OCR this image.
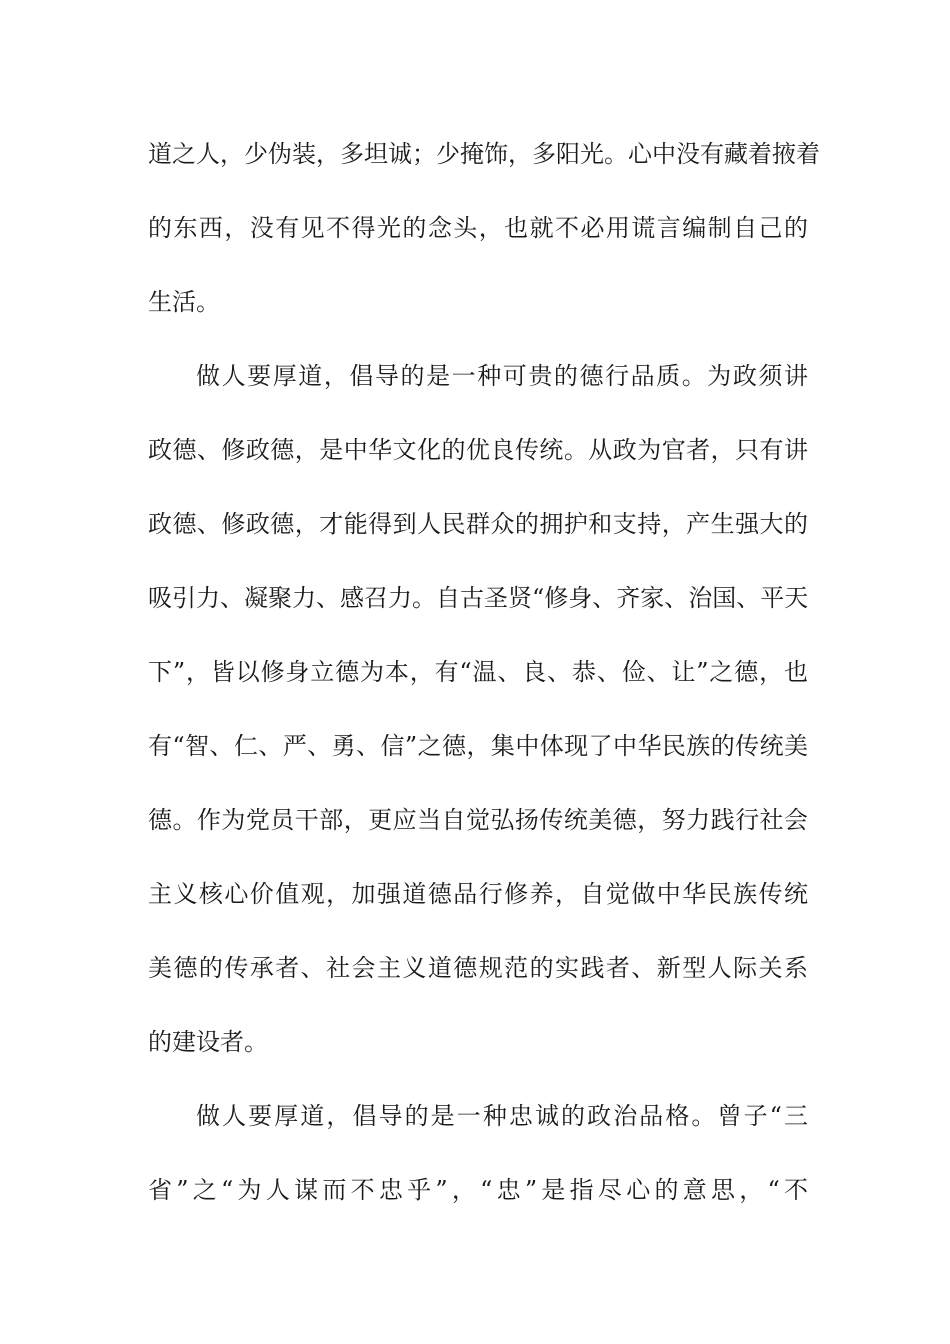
道之人，少伪装，多坦诚；少掩饰，多阳光。心中没有藏着掖着
的东西，没有见不得光的念头，也就不必用谎言编制自己的
生活。
做人要厚道，倡导的是一种可贵的德行品质。为政须讲
政德、修政德，是中华文化的优良传统。从政为官者，只有讲
政德、修政德，才能得到人民群众的拥护和支持，产生强大的
吸引力、凝聚力、感召力。自古圣贤“修身、齐家、治国、平天
下”，皆以修身立德为本，有“温、良、恭、俭、让”之德，也
有“智、仁、严、勇、信”之德，集中体现了中华民族的传统美
德。作为党员干部，更应当自觉弘扬传统美德，努力践行社会
主义核心价值观，加强道德品行修养，自觉做中华民族传统
美德的传承者、社会主义道德规范的实践者、新型人际关系
的建设者。
做人要厚道，倡导的是一种忠诚的政治品格。曾子“三
省”之“为人谋而不忠乎”，“忠”是指尽心的意思，“不
